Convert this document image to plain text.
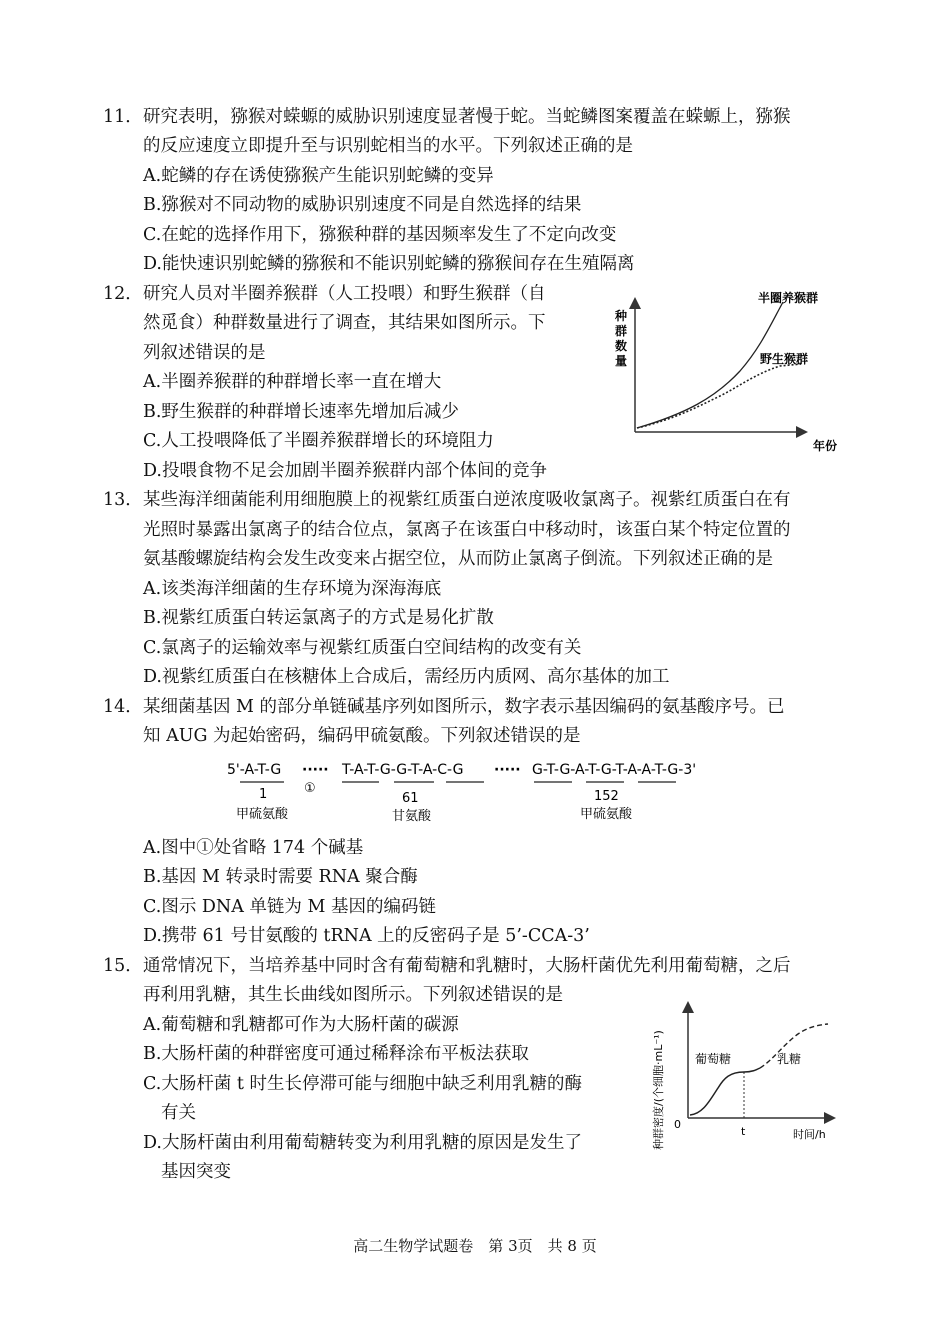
11． 研究表明，猕猴对蝾螈的威胁识别速度显著慢于蛇。当蛇鳞图案覆盖在蝾螈上，猕猴
的反应速度立即提升至与识别蛇相当的水平。下列叙述正确的是
A.蛇鳞的存在诱使猕猴产生能识别蛇鳞的变异
B.猕猴对不同动物的威胁识别速度不同是自然选择的结果
C.在蛇的选择作用下，猕猴种群的基因频率发生了不定向改变
D.能快速识别蛇鳞的猕猴和不能识别蛇鳞的猕猴间存在生殖隔离
12． 研究人员对半圈养猴群（人工投喂）和野生猴群（自
然觅食）种群数量进行了调查，其结果如图所示。下
列叙述错误的是
A.半圈养猴群的种群增长率一直在增大
B.野生猴群的种群增长速率先增加后减少
C.人工投喂降低了半圈养猴群增长的环境阻力
D.投喂食物不足会加剧半圈养猴群内部个体间的竞争
种
群
数
量
年份
半圈养猴群
野生猴群
13． 某些海洋细菌能利用细胞膜上的视紫红质蛋白逆浓度吸收氯离子。视紫红质蛋白在有
光照时暴露出氯离子的结合位点，氯离子在该蛋白中移动时，该蛋白某个特定位置的
氨基酸螺旋结构会发生改变来占据空位，从而防止氯离子倒流。下列叙述正确的是
A.该类海洋细菌的生存环境为深海海底
B.视紫红质蛋白转运氯离子的方式是易化扩散
C.氯离子的运输效率与视紫红质蛋白空间结构的改变有关
D.视紫红质蛋白在核糖体上合成后，需经历内质网、高尔基体的加工
14． 某细菌基因 M 的部分单链碱基序列如图所示，数字表示基因编码的氨基酸序号。已
知 AUG 为起始密码，编码甲硫氨酸。下列叙述错误的是
5'-A-T-G ····· T-A-T-G-G-T-A-C-G ····· G-T-G-A-T-G-T-A-A-T-G-3'
①
1	61	152
甲硫氨酸	甘氨酸	甲硫氨酸
A.图中①处省略 174 个碱基
B.基因 M 转录时需要 RNA 聚合酶
C.图示 DNA 单链为 M 基因的编码链
D.携带 61 号甘氨酸的 tRNA 上的反密码子是 5’-CCA-3’
15． 通常情况下，当培养基中同时含有葡萄糖和乳糖时，大肠杆菌优先利用葡萄糖，之后
再利用乳糖，其生长曲线如图所示。下列叙述错误的是
A.葡萄糖和乳糖都可作为大肠杆菌的碳源
B.大肠杆菌的种群密度可通过稀释涂布平板法获取
C.大肠杆菌 t 时生长停滞可能与细胞中缺乏利用乳糖的酶
有关
D.大肠杆菌由利用葡萄糖转变为利用乳糖的原因是发生了
基因突变
种群密度/(个细胞·mL⁻¹) 0
t	时间/h
葡萄糖	乳糖
高二生物学试题卷　第 3页　共 8 页
